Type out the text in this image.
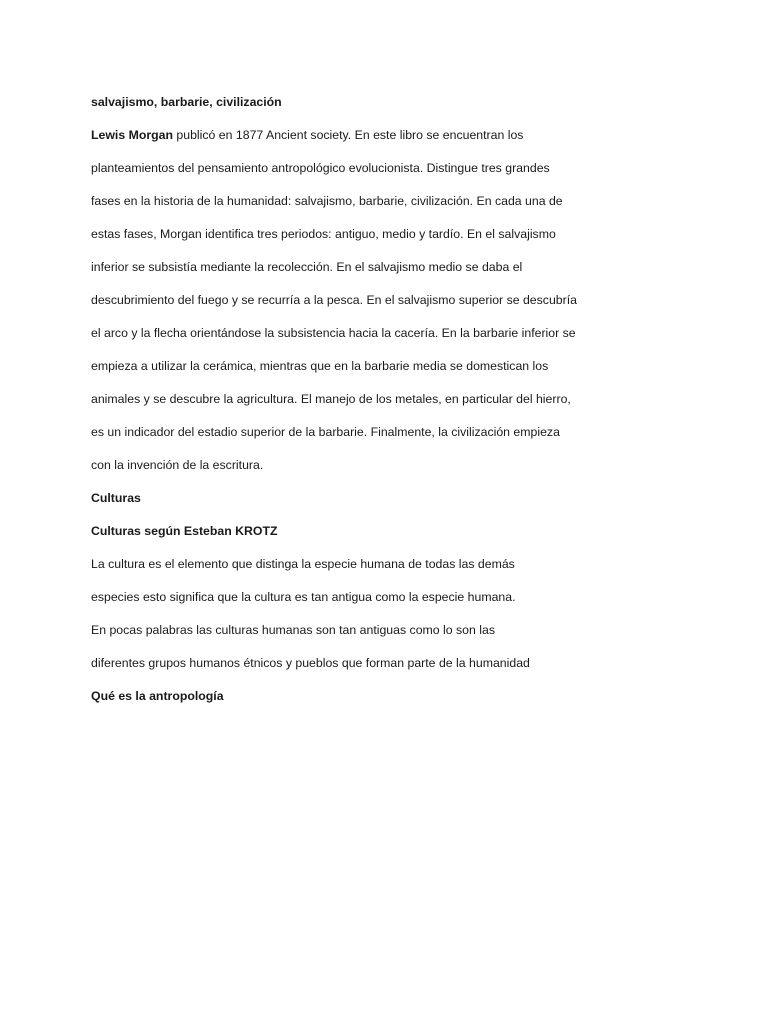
salvajismo, barbarie, civilización

Lewis Morgan publicó en 1877 Ancient society. En este libro se encuentran los

planteamientos del pensamiento antropológico evolucionista. Distingue tres grandes

fases en la historia de la humanidad: salvajismo, barbarie, civilización. En cada una de

estas fases, Morgan identifica tres periodos: antiguo, medio y tardío. En el salvajismo

inferior se subsistía mediante la recolección. En el salvajismo medio se daba el

descubrimiento del fuego y se recurría a la pesca. En el salvajismo superior se descubría

el arco y la flecha orientándose la subsistencia hacia la cacería. En la barbarie inferior se

empieza a utilizar la cerámica, mientras que en la barbarie media se domestican los

animales y se descubre la agricultura. El manejo de los metales, en particular del hierro,

es un indicador del estadio superior de la barbarie. Finalmente, la civilización empieza

con la invención de la escritura.

Culturas

Culturas según Esteban KROTZ

La cultura es el elemento que distinga la especie humana de todas las demás

especies esto significa que la cultura es tan antigua como la especie humana.

En pocas palabras las culturas humanas son tan antiguas como lo son las

diferentes grupos humanos étnicos y pueblos que forman parte de la humanidad

Qué es la antropología
